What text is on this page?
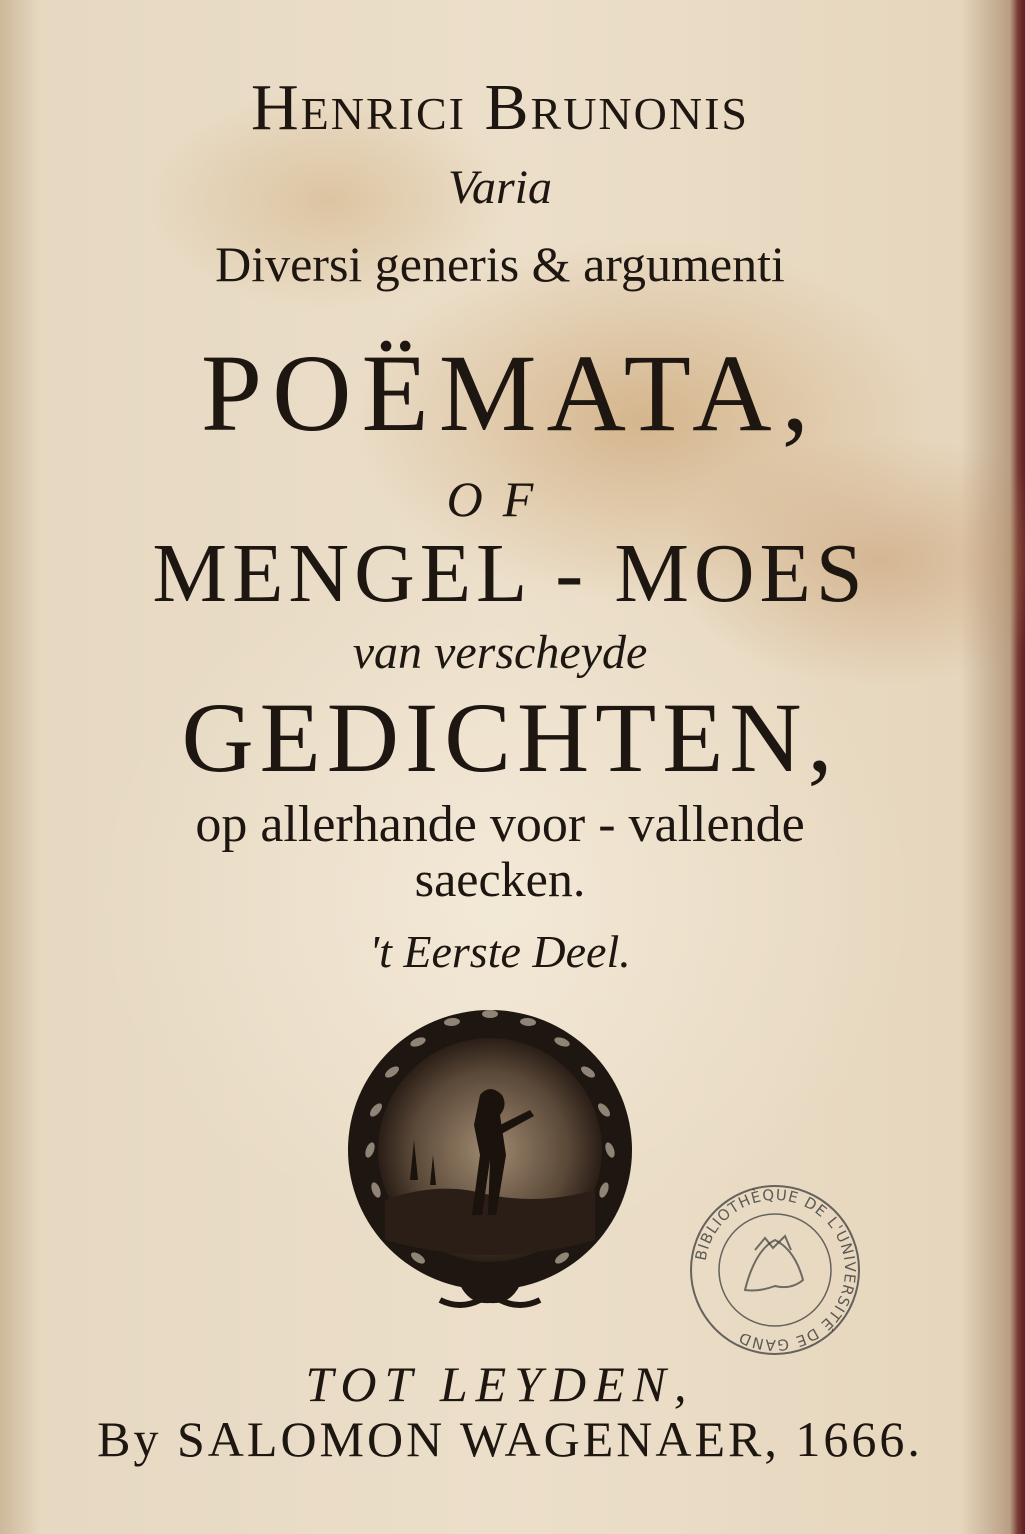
Henrici Brunonis
Varia
Diversi generis & argumenti
POËMATA,
OF
MENGEL - MOES
van verscheyde
GEDICHTEN,
op allerhande voor - vallende
saecken.
't Eerste Deel.
BIBLIOTHÈQUE DE L'UNIVERSITÉ DE GAND
TOT LEYDEN,
By SALOMON WAGENAER, 1666.
